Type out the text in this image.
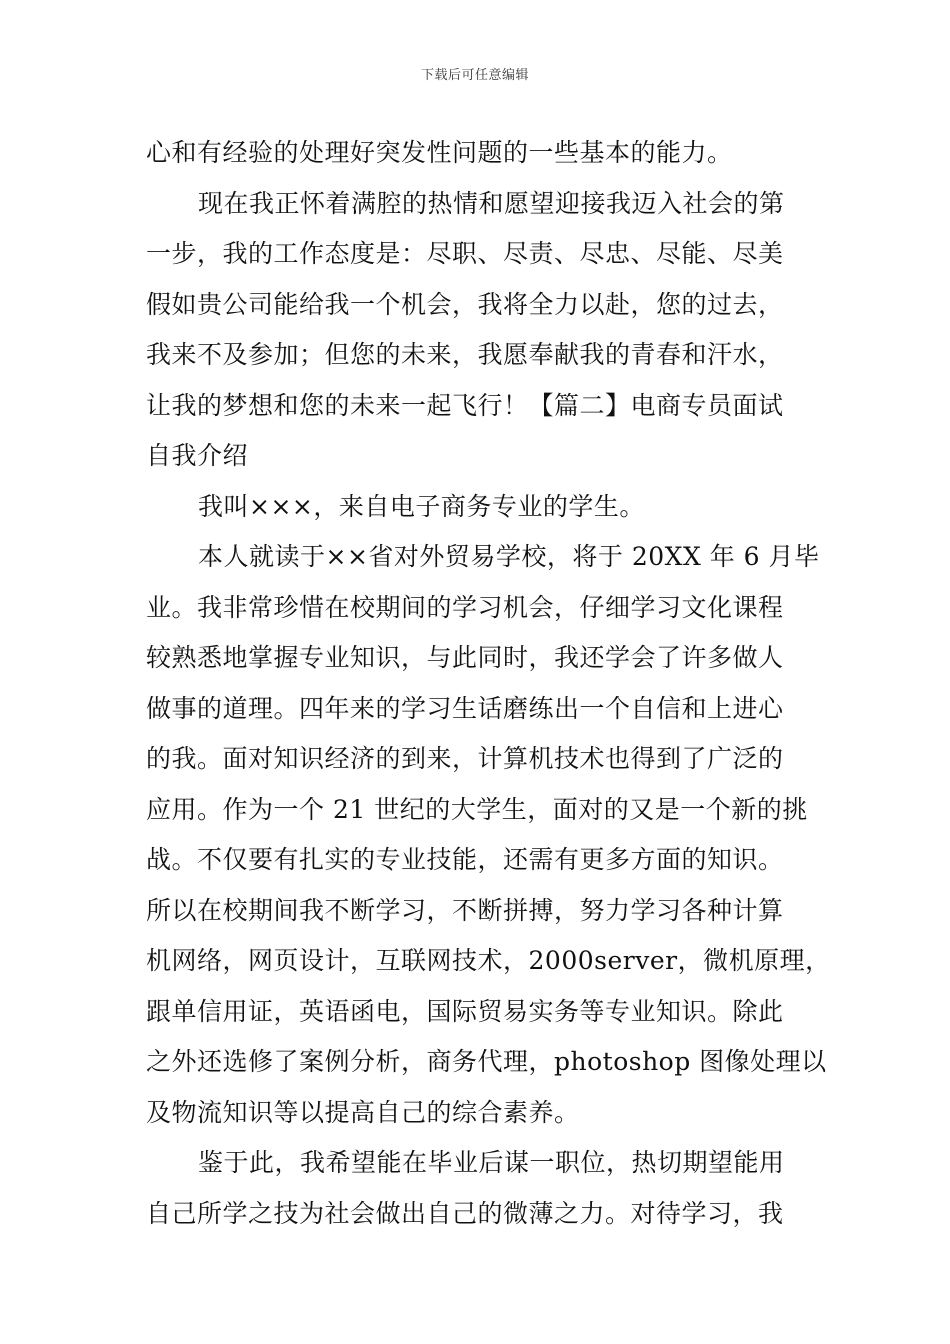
下载后可任意编辑
心和有经验的处理好突发性问题的一些基本的能力。
现在我正怀着满腔的热情和愿望迎接我迈入社会的第
一步，我的工作态度是：尽职、尽责、尽忠、尽能、尽美
假如贵公司能给我一个机会，我将全力以赴，您的过去，
我来不及参加；但您的未来，我愿奉献我的青春和汗水，
让我的梦想和您的未来一起飞行！【篇二】电商专员面试
自我介绍
我叫×××，来自电子商务专业的学生。
本人就读于××省对外贸易学校，将于 20XX 年 6 月毕
业。我非常珍惜在校期间的学习机会，仔细学习文化课程
较熟悉地掌握专业知识，与此同时，我还学会了许多做人
做事的道理。四年来的学习生话磨练出一个自信和上进心
的我。面对知识经济的到来，计算机技术也得到了广泛的
应用。作为一个 21 世纪的大学生，面对的又是一个新的挑
战。不仅要有扎实的专业技能，还需有更多方面的知识。
所以在校期间我不断学习，不断拼搏，努力学习各种计算
机网络，网页设计，互联网技术，2000server，微机原理，
跟单信用证，英语函电，国际贸易实务等专业知识。除此
之外还选修了案例分析，商务代理，photoshop 图像处理以
及物流知识等以提高自己的综合素养。
鉴于此，我希望能在毕业后谋一职位，热切期望能用
自己所学之技为社会做出自己的微薄之力。对待学习，我
